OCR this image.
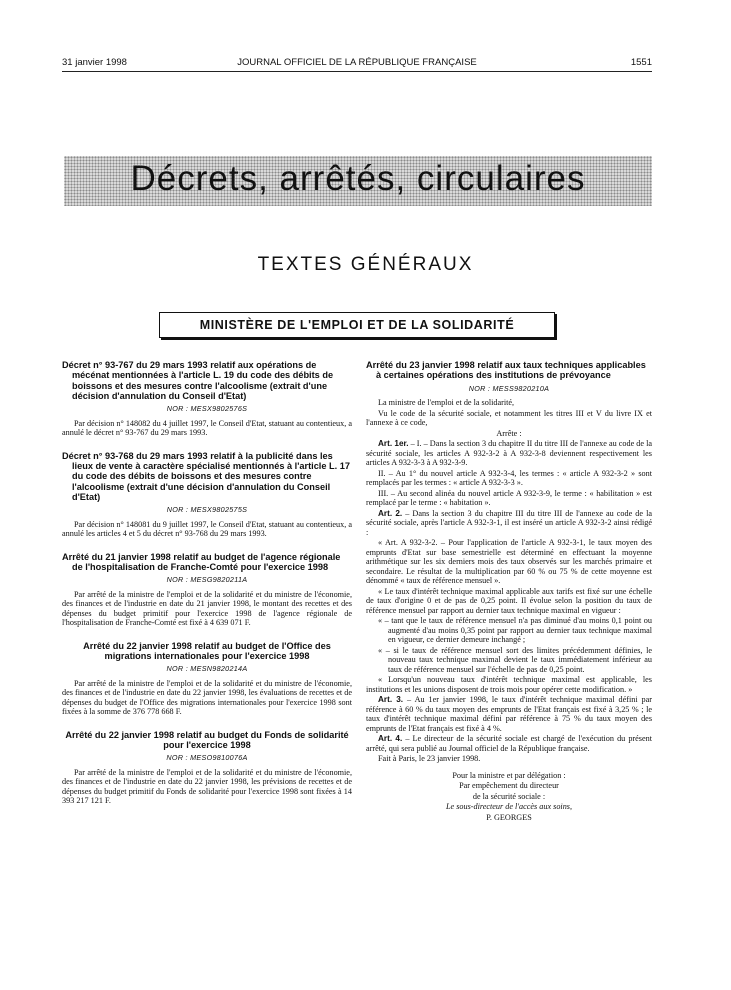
31 janvier 1998	JOURNAL OFFICIEL DE LA RÉPUBLIQUE FRANÇAISE	1551
Décrets, arrêtés, circulaires
TEXTES GÉNÉRAUX
MINISTÈRE DE L'EMPLOI ET DE LA SOLIDARITÉ
Décret n° 93-767 du 29 mars 1993 relatif aux opérations de mécénat mentionnées à l'article L. 19 du code des débits de boissons et des mesures contre l'alcoolisme (extrait d'une décision d'annulation du Conseil d'Etat)
NOR : MESX9802576S

Par décision n° 148082 du 4 juillet 1997, le Conseil d'Etat, statuant au contentieux, a annulé le décret n° 93-767 du 29 mars 1993.

Décret n° 93-768 du 29 mars 1993 relatif à la publicité dans les lieux de vente à caractère spécialisé mentionnés à l'article L. 17 du code des débits de boissons et des mesures contre l'alcoolisme (extrait d'une décision d'annulation du Conseil d'Etat)
NOR : MESX9802575S

Par décision n° 148081 du 9 juillet 1997, le Conseil d'Etat, statuant au contentieux, a annulé les articles 4 et 5 du décret n° 93-768 du 29 mars 1993.

Arrêté du 21 janvier 1998 relatif au budget de l'agence régionale de l'hospitalisation de Franche-Comté pour l'exercice 1998
NOR : MESG9820211A

Par arrêté de la ministre de l'emploi et de la solidarité et du ministre de l'économie, des finances et de l'industrie en date du 21 janvier 1998, le montant des recettes et des dépenses du budget primitif pour l'exercice 1998 de l'agence régionale de l'hospitalisation de Franche-Comté est fixé à 4 639 071 F.

Arrêté du 22 janvier 1998 relatif au budget de l'Office des migrations internationales pour l'exercice 1998
NOR : MESN9820214A

Par arrêté de la ministre de l'emploi et de la solidarité et du ministre de l'économie, des finances et de l'industrie en date du 22 janvier 1998, les évaluations de recettes et de dépenses du budget de l'Office des migrations internationales pour l'exercice 1998 sont fixées à la somme de 376 778 668 F.

Arrêté du 22 janvier 1998 relatif au budget du Fonds de solidarité pour l'exercice 1998
NOR : MESO9810076A

Par arrêté de la ministre de l'emploi et de la solidarité et du ministre de l'économie, des finances et de l'industrie en date du 22 janvier 1998, les prévisions de recettes et de dépenses du budget primitif du Fonds de solidarité pour l'exercice 1998 sont fixées à 14 393 217 121 F.

Arrêté du 23 janvier 1998 relatif aux taux techniques applicables à certaines opérations des institutions de prévoyance
NOR : MESS9820210A

La ministre de l'emploi et de la solidarité,

Vu le code de la sécurité sociale, et notamment les titres III et V du livre IX et l'annexe à ce code,

Arrête :

Art. 1er. – I. – Dans la section 3 du chapitre II du titre III de l'annexe au code de la sécurité sociale, les articles A 932-3-2 à A 932-3-8 deviennent respectivement les articles A 932-3-3 à A 932-3-9.

II. – Au 1° du nouvel article A 932-3-4, les termes : « article A 932-3-2 » sont remplacés par les termes : « article A 932-3-3 ».

III. – Au second alinéa du nouvel article A 932-3-9, le terme : « habilitation » est remplacé par le terme : « habitation ».

Art. 2. – Dans la section 3 du chapitre III du titre III de l'annexe au code de la sécurité sociale, après l'article A 932-3-1, il est inséré un article A 932-3-2 ainsi rédigé :

« Art. A 932-3-2. – Pour l'application de l'article A 932-3-1, le taux moyen des emprunts d'Etat sur base semestrielle est déterminé en effectuant la moyenne arithmétique sur les six derniers mois des taux observés sur les marchés primaire et secondaire. Le résultat de la multiplication par 60 % ou 75 % de cette moyenne est dénommé « taux de référence mensuel ».

« Le taux d'intérêt technique maximal applicable aux tarifs est fixé sur une échelle de taux d'origine 0 et de pas de 0,25 point. Il évolue selon la position du taux de référence mensuel par rapport au dernier taux technique maximal en vigueur :

« – tant que le taux de référence mensuel n'a pas diminué d'au moins 0,1 point ou augmenté d'au moins 0,35 point par rapport au dernier taux technique maximal en vigueur, ce dernier demeure inchangé ;

« – si le taux de référence mensuel sort des limites précédemment définies, le nouveau taux technique maximal devient le taux immédiatement inférieur au taux de référence mensuel sur l'échelle de pas de 0,25 point.

« Lorsqu'un nouveau taux d'intérêt technique maximal est applicable, les institutions et les unions disposent de trois mois pour opérer cette modification. »

Art. 3. – Au 1er janvier 1998, le taux d'intérêt technique maximal défini par référence à 60 % du taux moyen des emprunts de l'Etat français est fixé à 3,25 % ; le taux d'intérêt technique maximal défini par référence à 75 % du taux moyen des emprunts de l'Etat français est fixé à 4 %.

Art. 4. – Le directeur de la sécurité sociale est chargé de l'exécution du présent arrêté, qui sera publié au Journal officiel de la République française.

Fait à Paris, le 23 janvier 1998.

Pour la ministre et par délégation :

Par empêchement du directeur

de la sécurité sociale :

Le sous-directeur de l'accès aux soins,

P. GEORGES
